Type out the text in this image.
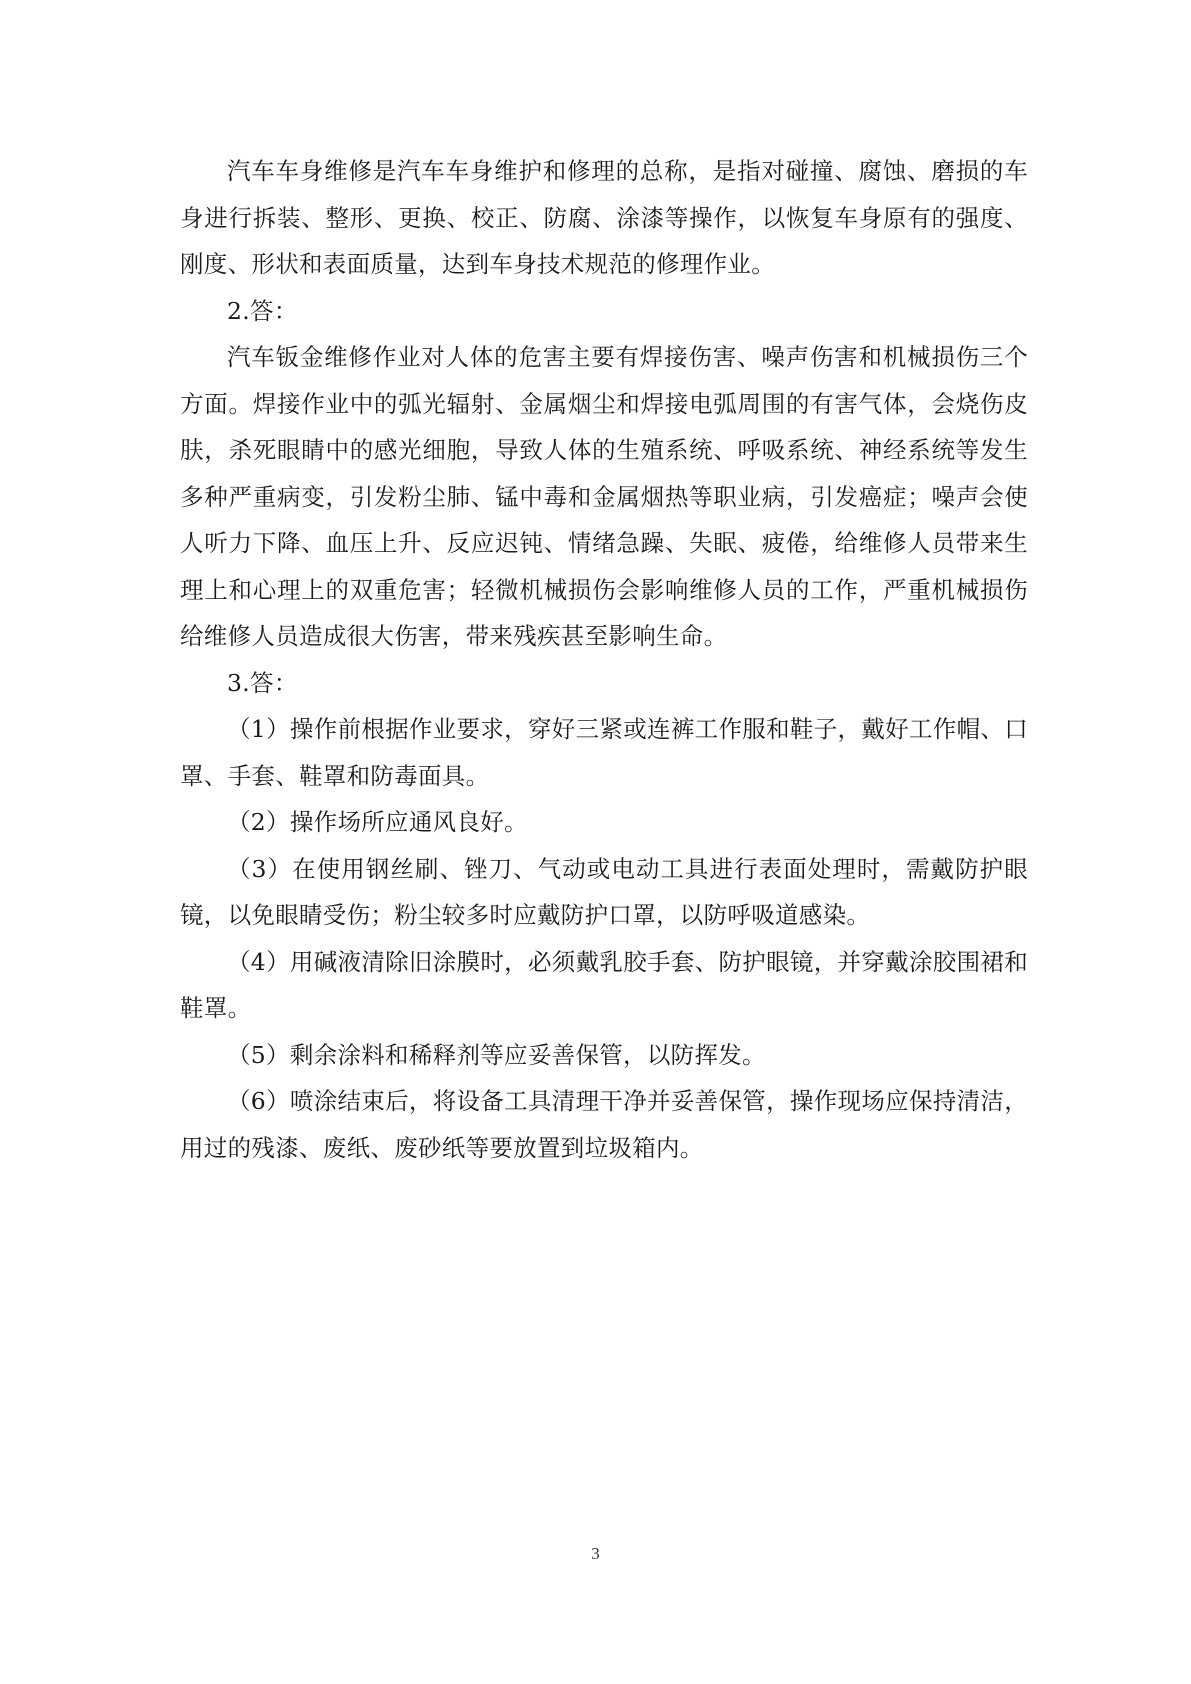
汽车车身维修是汽车车身维护和修理的总称，是指对碰撞、腐蚀、磨损的车身进行拆装、整形、更换、校正、防腐、涂漆等操作，以恢复车身原有的强度、刚度、形状和表面质量，达到车身技术规范的修理作业。

2.答：

汽车钣金维修作业对人体的危害主要有焊接伤害、噪声伤害和机械损伤三个方面。焊接作业中的弧光辐射、金属烟尘和焊接电弧周围的有害气体，会烧伤皮肤，杀死眼睛中的感光细胞，导致人体的生殖系统、呼吸系统、神经系统等发生多种严重病变，引发粉尘肺、锰中毒和金属烟热等职业病，引发癌症；噪声会使人听力下降、血压上升、反应迟钝、情绪急躁、失眠、疲倦，给维修人员带来生理上和心理上的双重危害；轻微机械损伤会影响维修人员的工作，严重机械损伤给维修人员造成很大伤害，带来残疾甚至影响生命。

3.答：

（1）操作前根据作业要求，穿好三紧或连裤工作服和鞋子，戴好工作帽、口罩、手套、鞋罩和防毒面具。

（2）操作场所应通风良好。

（3）在使用钢丝刷、锉刀、气动或电动工具进行表面处理时，需戴防护眼镜，以免眼睛受伤；粉尘较多时应戴防护口罩，以防呼吸道感染。

（4）用碱液清除旧涂膜时，必须戴乳胶手套、防护眼镜，并穿戴涂胶围裙和鞋罩。

（5）剩余涂料和稀释剂等应妥善保管，以防挥发。

（6）喷涂结束后，将设备工具清理干净并妥善保管，操作现场应保持清洁，用过的残漆、废纸、废砂纸等要放置到垃圾箱内。

3
